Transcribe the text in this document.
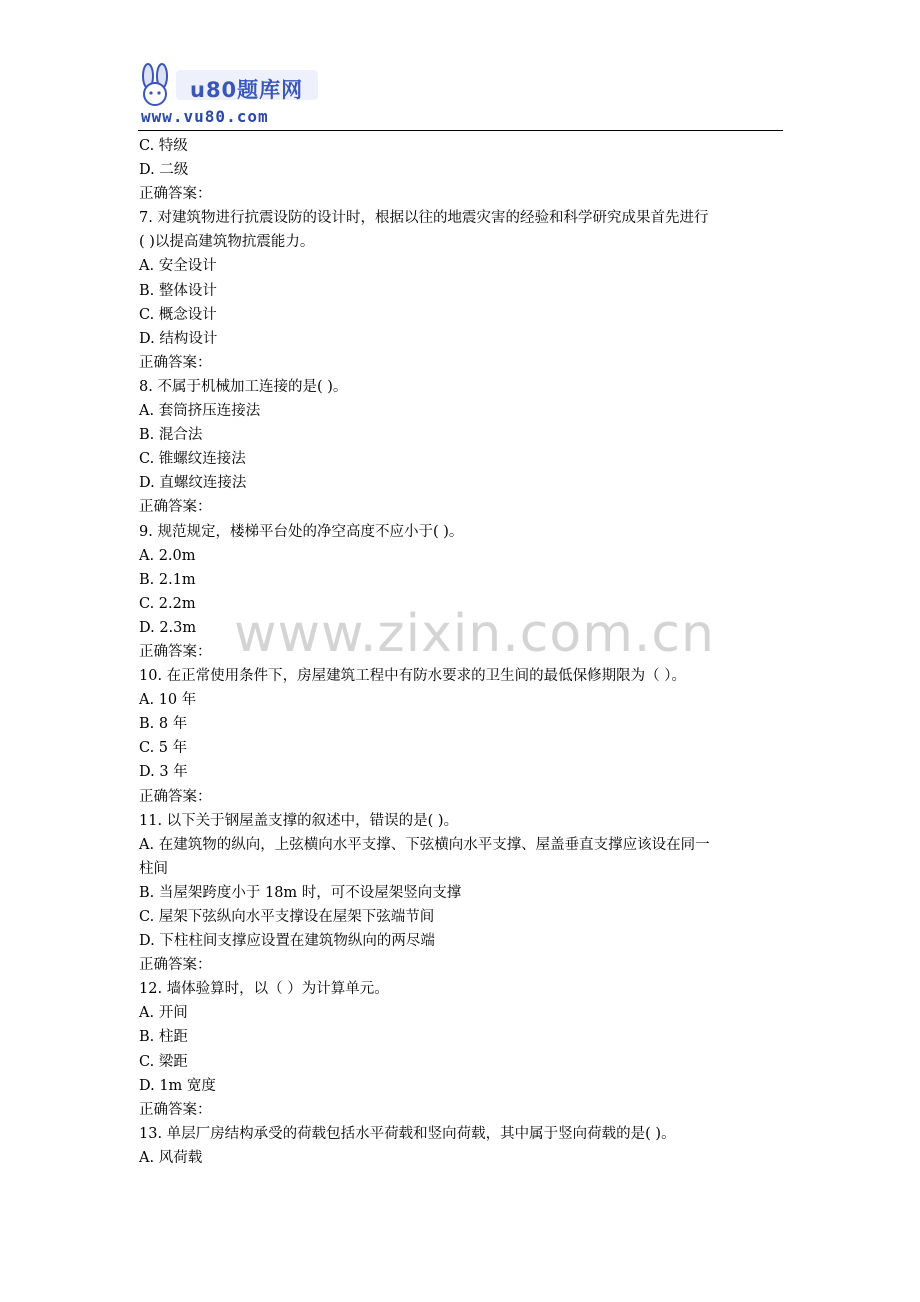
u80题库网
www.vu80.com
www.zixin.com.cn
C. 特级
D. 二级
正确答案：
7. 对建筑物进行抗震设防的设计时，根据以往的地震灾害的经验和科学研究成果首先进行
( )以提高建筑物抗震能力。
A. 安全设计
B. 整体设计
C. 概念设计
D. 结构设计
正确答案：
8. 不属于机械加工连接的是( )。
A. 套筒挤压连接法
B. 混合法
C. 锥螺纹连接法
D. 直螺纹连接法
正确答案：
9. 规范规定，楼梯平台处的净空高度不应小于( )。
A. 2.0m
B. 2.1m
C. 2.2m
D. 2.3m
正确答案：
10. 在正常使用条件下，房屋建筑工程中有防水要求的卫生间的最低保修期限为（ ）。
A. 10 年
B. 8 年
C. 5 年
D. 3 年
正确答案：
11. 以下关于钢屋盖支撑的叙述中，错误的是( )。
A. 在建筑物的纵向，上弦横向水平支撑、下弦横向水平支撑、屋盖垂直支撑应该设在同一
柱间
B. 当屋架跨度小于 18m 时，可不设屋架竖向支撑
C. 屋架下弦纵向水平支撑设在屋架下弦端节间
D. 下柱柱间支撑应设置在建筑物纵向的两尽端
正确答案：
12. 墙体验算时，以（ ）为计算单元。
A. 开间
B. 柱距
C. 梁距
D. 1m 宽度
正确答案：
13. 单层厂房结构承受的荷载包括水平荷载和竖向荷载，其中属于竖向荷载的是( )。
A. 风荷载
